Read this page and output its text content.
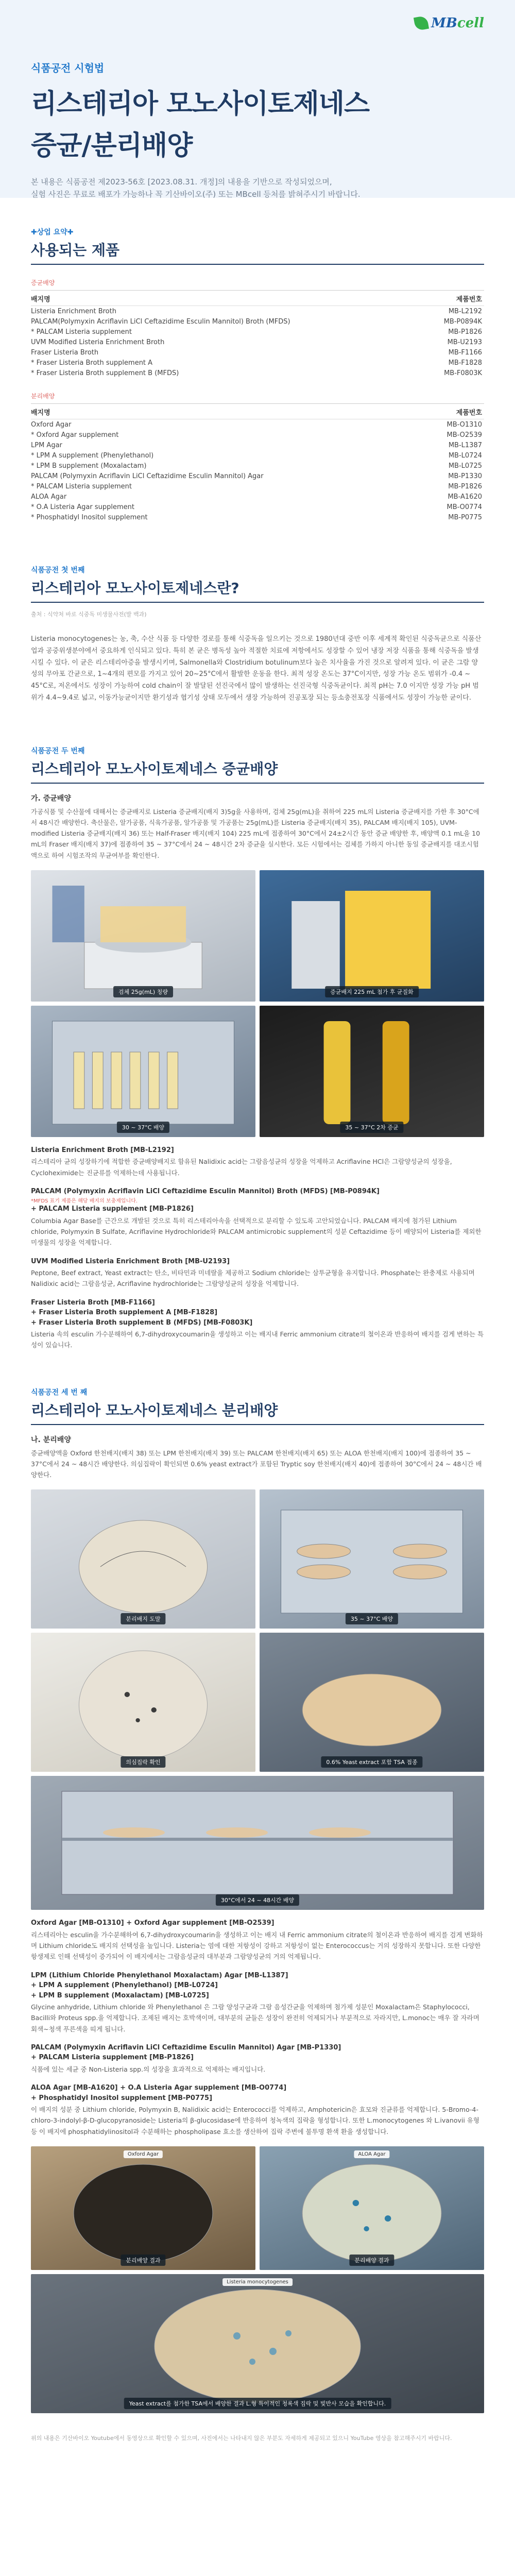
MBcell
식품공전 시험법
리스테리아 모노사이토제네스
증균/분리배양
본 내용은 식품공전 제2023-56호 [2023.08.31. 개정]의 내용을 기반으로 작성되었으며,
실험 사진은 무료로 배포가 가능하나 꼭 기산바이오(주) 또는 MBcell 등처를 밝혀주시기 바랍니다.
✚상업 요약✚
사용되는 제품
증균배양
배지명	제품번호
Listeria Enrichment Broth	MB-L2192
PALCAM(Polymyxin Acriflavin LiCl Ceftazidime Esculin Mannitol) Broth (MFDS)	MB-P0894K
* PALCAM Listeria supplement	MB-P1826
UVM Modified Listeria Enrichment Broth	MB-U2193
Fraser Listeria Broth	MB-F1166
* Fraser Listeria Broth supplement A	MB-F1828
* Fraser Listeria Broth supplement B (MFDS)	MB-F0803K
분리배양
배지명	제품번호
Oxford Agar	MB-O1310
* Oxford Agar supplement	MB-O2539
LPM Agar	MB-L1387
* LPM A supplement (Phenylethanol)	MB-L0724
* LPM B supplement (Moxalactam)	MB-L0725
PALCAM (Polymyxin Acriflavin LiCl Ceftazidime Esculin Mannitol) Agar	MB-P1330
* PALCAM Listeria supplement	MB-P1826
ALOA Agar	MB-A1620
* O.A Listeria Agar supplement	MB-O0774
* Phosphatidyl Inositol supplement	MB-P0775
식품공전 첫 번째
리스테리아 모노사이토제네스란?
출처 : 식약처 바로 식중독 미생물사전(발 백과)

Listeria monocytogenes는 농, 축, 수산 식품 등 다양한 경로를 통해 식중독을 일으키는 것으로 1980년대 중반 이후 세계적 확인된 식중독균으로 식품산업과 공중위생분야에서 중요하게 인식되고 있다. 특히 본 균은 병독성 높아 적절한 치료에 저항에서도 성장할 수 있어 냉장 저장 식품을 통해 식중독을 발생시킬 수 있다. 이 균은 리스테리아증을 발생시키며, Salmonella와 Clostridium botulinum보다 높은 치사율을 가진 것으로 알려져 있다. 이 균은 그람 양성의 무아포 간균으로, 1~4개의 편모를 가지고 있어 20~25°C에서 활발한 운동을 한다. 최적 성장 온도는 37°C이지만, 성장 가능 온도 범위가 -0.4 ~ 45°C로, 저온에서도 성장이 가능하여 cold chain이 잘 발달된 선진국에서 많이 발생하는 선진국형 식중독균이다. 최적 pH는 7.0 이지만 성장 가능 pH 범위가 4.4~9.4로 넓고, 이동가능균이지만 환기성과 협기성 상태 모두에서 생장 가능하여 진공포장 되는 등소충전포장 식품에서도 성장이 가능한 균이다.

식품공전 두 번째
리스테리아 모노사이토제네스 증균배양
가. 증균배양
가공식품 및 수산물에 대해서는 증균배지로 Listeria 증균배지(배지 3)5g을 사용하며, 검체 25g(mL)을 취하여 225 mL의 Listeria 증균배지를 가한 후 30°C에서 48시간 배양한다. 축산물은, 알가공품, 식육가공품, 알가공품 및 가공품는 25g(mL)를 Listeria 증균배지(배지 35), PALCAM 배지(배지 105), UVM-modified Listeria 증균배지(배지 36) 또는 Half-Fraser 배지(배지 104) 225 mL에 접종하여 30°C에서 24±2시간 동안 증균 배양한 후, 배양액 0.1 mL을 10 mL의 Fraser 배지(배지 37)에 접종하여 35 ~ 37°C에서 24 ~ 48시간 2차 증균을 실시한다. 모든 시험에서는 검체를 가하지 아니한 동일 증균배지를 대조시험액으로 하여 시험조작의 무균여부를 확인한다.
검체 25g(mL) 칭량	증균배지 225 mL 첨가 후 균질화
30 ~ 37°C 배양	35 ~ 37°C 2차 증균
Listeria Enrichment Broth [MB-L2192]
리스테리아 균의 성장하기에 적합한 증균배양배지로 함유된 Nalidixic acid는 그람음성균의 성장을 억제하고 Acriflavine HCl은 그람양성균의 성장을, Cycloheximide는 진균류를 억제하는데 사용됩니다.
PALCAM (Polymyxin Acriflavin LiCl Ceftazidime Esculin Mannitol) Broth (MFDS) [MB-P0894K]
*MFDS 표기 제품은 해당 배지의 보충제입니다.
+ PALCAM Listeria supplement [MB-P1826]
Columbia Agar Base를 근간으로 개발된 것으로 특히 리스테리아속을 선택적으로 분리할 수 있도록 고안되었습니다. PALCAM 배지에 첨가된 Lithium chloride, Polymyxin B Sulfate, Acriflavine Hydrochloride와 PALCAM antimicrobic supplement의 성분 Ceftazidime 등이 배양되어 Listeria를 제외한 미생물의 성장을 억제합니다.
UVM Modified Listeria Enrichment Broth [MB-U2193]
Peptone, Beef extract, Yeast extract는 탄소, 비타민과 미네랄을 제공하고 Sodium chloride는 삼투균형을 유지합니다. Phosphate는 완충제로 사용되며 Nalidixic acid는 그람음성균, Acriflavine hydrochloride는 그람양성균의 성장을 억제합니다.
Fraser Listeria Broth [MB-F1166]
+ Fraser Listeria Broth supplement A [MB-F1828]
+ Fraser Listeria Broth supplement B (MFDS) [MB-F0803K]
Listeria 속의 esculin 가수분해하여 6,7-dihydroxycoumarin을 생성하고 이는 배지내 Ferric ammonium citrate의 철이온과 반응하여 배지를 검게 변하는 특성이 있습니다.
식품공전 세 번 째
리스테리아 모노사이토제네스 분리배양
나. 분리배양
증균배양액을 Oxford 한천배지(배지 38) 또는 LPM 한천배지(배지 39) 또는 PALCAM 한천배지(배지 65) 또는 ALOA 한천배지(배지 100)에 접종하여 35 ~ 37°C에서 24 ~ 48시간 배양한다. 의심집락이 확인되면 0.6% yeast extract가 포함된 Tryptic soy 한천배지(배지 40)에 접종하여 30°C에서 24 ~ 48시간 배양한다.
분리배지 도말	35 ~ 37°C 배양
의심집락 확인	0.6% Yeast extract 포함 TSA 접종
30°C에서 24 ~ 48시간 배양
Oxford Agar [MB-O1310] + Oxford Agar supplement [MB-O2539]
리스테리아는 esculin을 가수분해하여 6,7-dihydroxycoumarin을 생성하고 이는 배지 내 Ferric ammonium citrate의 철이온과 반응하여 배지를 검게 변화하며 Lithium chloride도 배지의 선택성을 높입니다. Listeria는 염에 대한 저항성이 강하고 저항성이 없는 Enterococcus는 거의 성장하지 못합니다. 또한 다양한 항생제로 인해 선택성이 증가되어 이 배지에서는 그람음성균의 대부분과 그람양성균의 거의 억제됩니다.
LPM (Lithium Chloride Phenylethanol Moxalactam) Agar [MB-L1387]
+ LPM A supplement (Phenylethanol) [MB-L0724]
+ LPM B supplement (Moxalactam) [MB-L0725]
Glycine anhydride, Lithium chloride 와 Phenylethanol 은 그람 양성구균과 그람 음성간균을 억제하며 첨가제 성분인 Moxalactam은 Staphylococci, Bacilli와 Proteus spp.을 억제합니다. 조제된 배지는 호박색이며, 대부분의 균들은 성장이 완전히 억제되거나 부분적으로 자라지만, L.monoc는 매우 잘 자라며 회색~청색 푸른색을 띠게 됩니다.
PALCAM (Polymyxin Acriflavin LiCl Ceftazidime Esculin Mannitol) Agar [MB-P1330]
+ PALCAM Listeria supplement [MB-P1826]
식품에 있는 세균 중 Non-Listeria spp.의 성장을 효과적으로 억제하는 배지입니다.
ALOA Agar [MB-A1620] + O.A Listeria Agar supplement [MB-O0774]
+ Phosphatidyl Inositol supplement [MB-P0775]
이 배지의 성분 중 Lithium chloride, Polymyxin B, Nalidixic acid는 Enterococci를 억제하고, Amphotericin은 효모와 진균류를 억제합니다. 5-Bromo-4-chloro-3-indolyl-β-D-glucopyranoside는 Listeria의 β-glucosidase에 반응하여 청녹색의 집락을 형성합니다. 또한 L.monocytogenes 와 L.ivanovii 유형 등 이 배지에 phosphatidylinositol과 수분해하는 phospholipase 효소를 생산하여 집락 주변에 불투명 환색 환을 생성합니다.
Oxford Agar
분리배양 결과
ALOA Agar
분리배양 결과
Listeria monocytogenes
Yeast extract를 첨가한 TSA에서 배양한 결과 L.형 특이적인 청록색 집락 및 빛반사 모습을 확인합니다.
위의 내용은 기산바이오 Youtube에서 동영상으로 확인할 수 있으며, 사진에서는 나타내지 않은 부분도 자세하게 제공되고 있으니 YouTube 영상을 참고해주시기 바랍니다.
